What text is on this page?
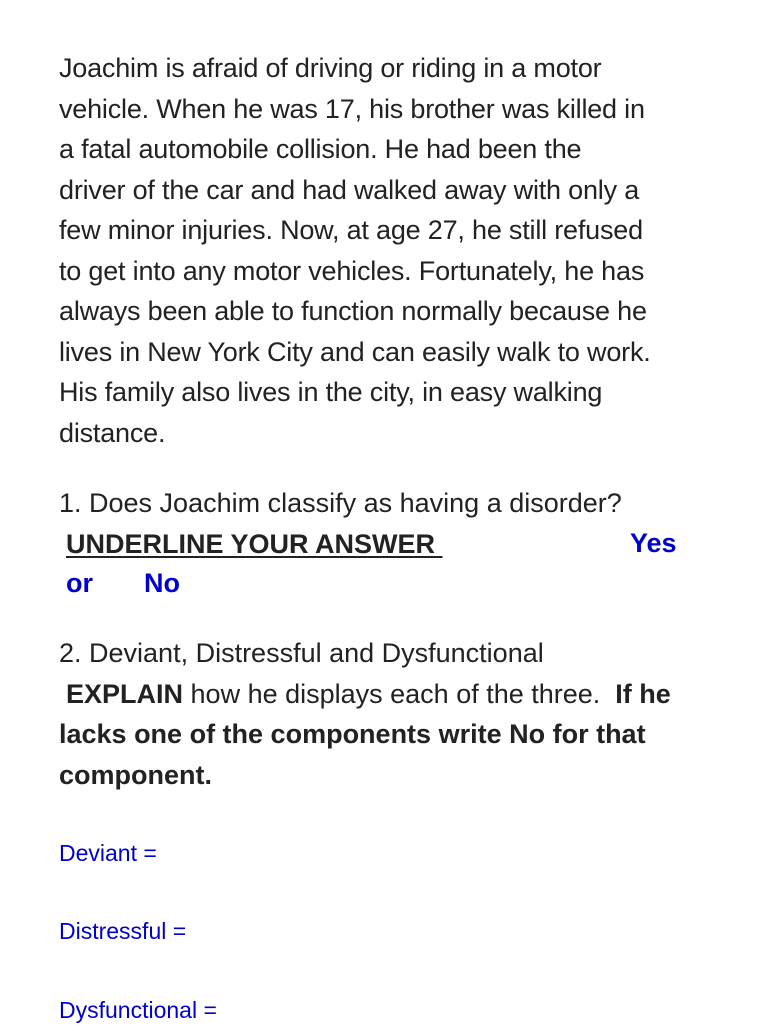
Joachim is afraid of driving or riding in a motor
vehicle. When he was 17, his brother was killed in
a fatal automobile collision. He had been the
driver of the car and had walked away with only a
few minor injuries. Now, at age 27, he still refused
to get into any motor vehicles. Fortunately, he has
always been able to function normally because he
lives in New York City and can easily walk to work.
His family also lives in the city, in easy walking
distance.

1. Does Joachim classify as having a disorder?
UNDERLINE YOUR ANSWER	Yes
or No
2. Deviant, Distressful and Dysfunctional
EXPLAIN how he displays each of the three.  If he
lacks one of the components write No for that
component.
Deviant =
Distressful =
Dysfunctional =
